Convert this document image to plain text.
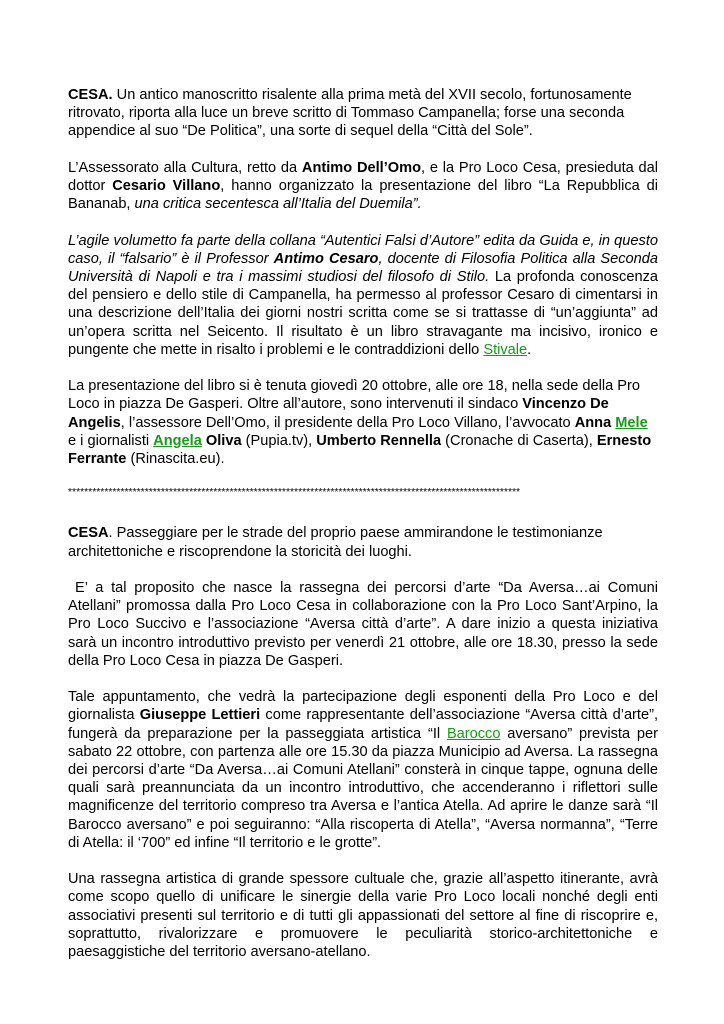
CESA. Un antico manoscritto risalente alla prima metà del XVII secolo, fortunosamente ritrovato, riporta alla luce un breve scritto di Tommaso Campanella; forse una seconda appendice al suo “De Politica”, una sorte di sequel della “Città del Sole”.

L’Assessorato alla Cultura, retto da Antimo Dell’Omo, e la Pro Loco Cesa, presieduta dal dottor Cesario Villano, hanno organizzato la presentazione del libro “La Repubblica di Bananab, una critica secentesca all’Italia del Duemila”.

L’agile volumetto fa parte della collana “Autentici Falsi d’Autore” edita da Guida e, in questo caso, il “falsario” è il Professor Antimo Cesaro, docente di Filosofia Politica alla Seconda Università di Napoli e tra i massimi studiosi del filosofo di Stilo. La profonda conoscenza del pensiero e dello stile di Campanella, ha permesso al professor Cesaro di cimentarsi in una descrizione dell’Italia dei giorni nostri scritta come se si trattasse di “un’aggiunta” ad un’opera scritta nel Seicento. Il risultato è un libro stravagante ma incisivo, ironico e pungente che mette in risalto i problemi e le contraddizioni dello Stivale.

La presentazione del libro si è tenuta giovedì 20 ottobre, alle ore 18, nella sede della Pro Loco in piazza De Gasperi. Oltre all’autore, sono intervenuti il sindaco Vincenzo De Angelis, l’assessore Dell’Omo, il presidente della Pro Loco Villano, l’avvocato Anna Mele e i giornalisti Angela Oliva (Pupia.tv), Umberto Rennella (Cronache di Caserta), Ernesto Ferrante (Rinascita.eu).

****************************************************************************************************************

CESA. Passeggiare per le strade del proprio paese ammirandone le testimonianze architettoniche e riscoprendone la storicità dei luoghi.

E’ a tal proposito che nasce la rassegna dei percorsi d’arte “Da Aversa…ai Comuni Atellani” promossa dalla Pro Loco Cesa in collaborazione con la Pro Loco Sant’Arpino, la Pro Loco Succivo e l’associazione “Aversa città d’arte”. A dare inizio a questa iniziativa sarà un incontro introduttivo previsto per venerdì 21 ottobre, alle ore 18.30, presso la sede della Pro Loco Cesa in piazza De Gasperi.

Tale appuntamento, che vedrà la partecipazione degli esponenti della Pro Loco e del giornalista Giuseppe Lettieri come rappresentante dell’associazione “Aversa città d’arte”, fungerà da preparazione per la passeggiata artistica “Il Barocco aversano” prevista per sabato 22 ottobre, con partenza alle ore 15.30 da piazza Municipio ad Aversa. La rassegna dei percorsi d’arte “Da Aversa…ai Comuni Atellani” consterà in cinque tappe, ognuna delle quali sarà preannunciata da un incontro introduttivo, che accenderanno i riflettori sulle magnificenze del territorio compreso tra Aversa e l’antica Atella. Ad aprire le danze sarà “Il Barocco aversano” e poi seguiranno: “Alla riscoperta di Atella”, “Aversa normanna”, “Terre di Atella: il ‘700” ed infine “Il territorio e le grotte”.

Una rassegna artistica di grande spessore cultuale che, grazie all’aspetto itinerante, avrà come scopo quello di unificare le sinergie della varie Pro Loco locali nonché degli enti associativi presenti sul territorio e di tutti gli appassionati del settore al fine di riscoprire e, soprattutto, rivalorizzare e promuovere le peculiarità storico-architettoniche e paesaggistiche del territorio aversano-atellano.
